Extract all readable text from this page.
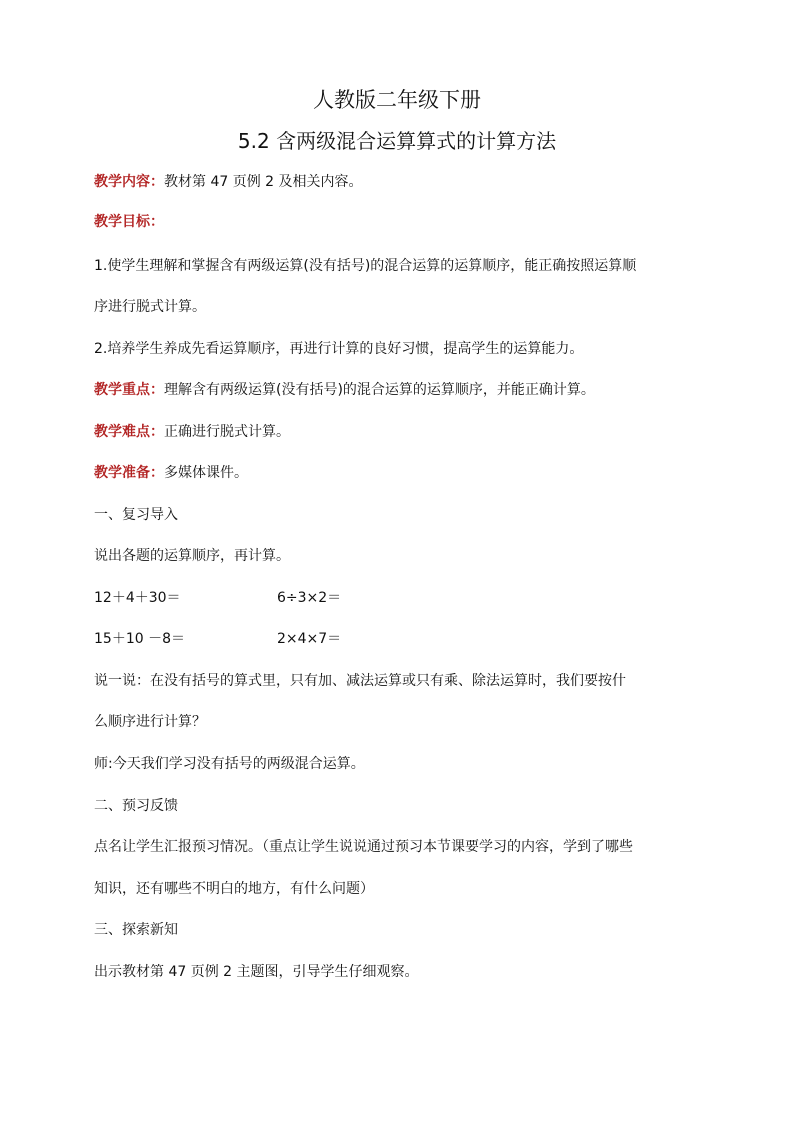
人教版二年级下册
5.2 含两级混合运算算式的计算方法
教学内容：教材第 47 页例 2 及相关内容。
教学目标：
1.使学生理解和掌握含有两级运算(没有括号)的混合运算的运算顺序，能正确按照运算顺
序进行脱式计算。
2.培养学生养成先看运算顺序，再进行计算的良好习惯，提高学生的运算能力。
教学重点：理解含有两级运算(没有括号)的混合运算的运算顺序，并能正确计算。
教学难点：正确进行脱式计算。
教学准备：多媒体课件。
一、复习导入
说出各题的运算顺序，再计算。
12＋4＋30＝	6÷3×2＝
15＋10 －8＝	2×4×7＝
说一说：在没有括号的算式里，只有加、减法运算或只有乘、除法运算时，我们要按什
么顺序进行计算？
师:今天我们学习没有括号的两级混合运算。
二、预习反馈
点名让学生汇报预习情况。（重点让学生说说通过预习本节课要学习的内容，学到了哪些
知识，还有哪些不明白的地方，有什么问题）
三、探索新知
出示教材第 47 页例 2 主题图，引导学生仔细观察。
